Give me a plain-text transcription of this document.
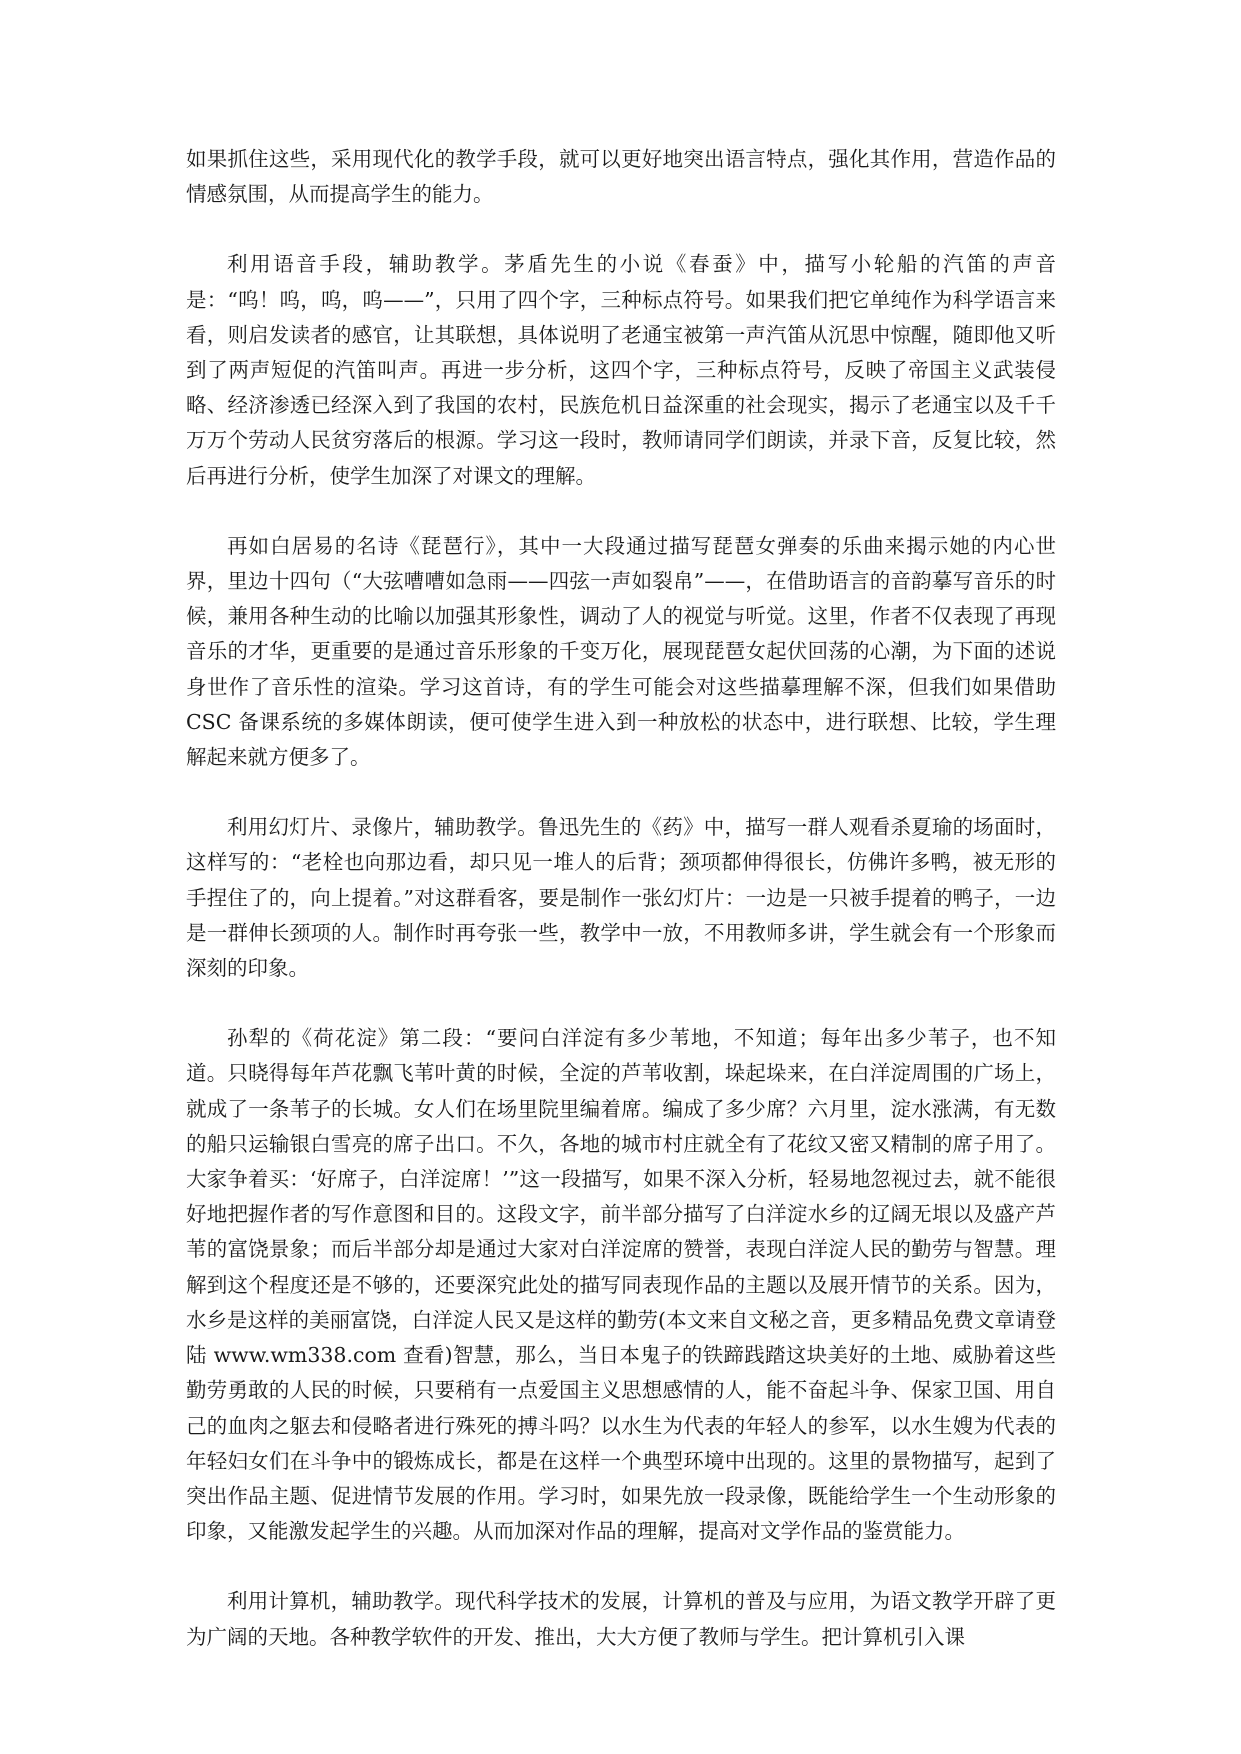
如果抓住这些，采用现代化的教学手段，就可以更好地突出语言特点，强化其作用，营造作品的情感氛围，从而提高学生的能力。

利用语音手段，辅助教学。茅盾先生的小说《春蚕》中，描写小轮船的汽笛的声音是：“呜！呜，呜，呜——”，只用了四个字，三种标点符号。如果我们把它单纯作为科学语言来看，则启发读者的感官，让其联想，具体说明了老通宝被第一声汽笛从沉思中惊醒，随即他又听到了两声短促的汽笛叫声。再进一步分析，这四个字，三种标点符号，反映了帝国主义武装侵略、经济渗透已经深入到了我国的农村，民族危机日益深重的社会现实，揭示了老通宝以及千千万万个劳动人民贫穷落后的根源。学习这一段时，教师请同学们朗读，并录下音，反复比较，然后再进行分析，使学生加深了对课文的理解。

再如白居易的名诗《琵琶行》，其中一大段通过描写琵琶女弹奏的乐曲来揭示她的内心世界，里边十四句（“大弦嘈嘈如急雨——四弦一声如裂帛”——，在借助语言的音韵摹写音乐的时候，兼用各种生动的比喻以加强其形象性，调动了人的视觉与听觉。这里，作者不仅表现了再现音乐的才华，更重要的是通过音乐形象的千变万化，展现琵琶女起伏回荡的心潮，为下面的述说身世作了音乐性的渲染。学习这首诗，有的学生可能会对这些描摹理解不深，但我们如果借助 CSC 备课系统的多媒体朗读，便可使学生进入到一种放松的状态中，进行联想、比较，学生理解起来就方便多了。

利用幻灯片、录像片，辅助教学。鲁迅先生的《药》中，描写一群人观看杀夏瑜的场面时，这样写的：“老栓也向那边看，却只见一堆人的后背；颈项都伸得很长，仿佛许多鸭，被无形的手捏住了的，向上提着。”对这群看客，要是制作一张幻灯片：一边是一只被手提着的鸭子，一边是一群伸长颈项的人。制作时再夸张一些，教学中一放，不用教师多讲，学生就会有一个形象而深刻的印象。

孙犁的《荷花淀》第二段：“要问白洋淀有多少苇地，不知道；每年出多少苇子，也不知道。只晓得每年芦花飘飞苇叶黄的时候，全淀的芦苇收割，垛起垛来，在白洋淀周围的广场上，就成了一条苇子的长城。女人们在场里院里编着席。编成了多少席？六月里，淀水涨满，有无数的船只运输银白雪亮的席子出口。不久，各地的城市村庄就全有了花纹又密又精制的席子用了。大家争着买：‘好席子，白洋淀席！’”这一段描写，如果不深入分析，轻易地忽视过去，就不能很好地把握作者的写作意图和目的。这段文字，前半部分描写了白洋淀水乡的辽阔无垠以及盛产芦苇的富饶景象；而后半部分却是通过大家对白洋淀席的赞誉，表现白洋淀人民的勤劳与智慧。理解到这个程度还是不够的，还要深究此处的描写同表现作品的主题以及展开情节的关系。因为，水乡是这样的美丽富饶，白洋淀人民又是这样的勤劳(本文来自文秘之音，更多精品免费文章请登陆 www.wm338.com 查看)智慧，那么，当日本鬼子的铁蹄践踏这块美好的土地、威胁着这些勤劳勇敢的人民的时候，只要稍有一点爱国主义思想感情的人，能不奋起斗争、保家卫国、用自己的血肉之躯去和侵略者进行殊死的搏斗吗？以水生为代表的年轻人的参军，以水生嫂为代表的年轻妇女们在斗争中的锻炼成长，都是在这样一个典型环境中出现的。这里的景物描写，起到了突出作品主题、促进情节发展的作用。学习时，如果先放一段录像，既能给学生一个生动形象的印象，又能激发起学生的兴趣。从而加深对作品的理解，提高对文学作品的鉴赏能力。

利用计算机，辅助教学。现代科学技术的发展，计算机的普及与应用，为语文教学开辟了更为广阔的天地。各种教学软件的开发、推出，大大方便了教师与学生。把计算机引入课
